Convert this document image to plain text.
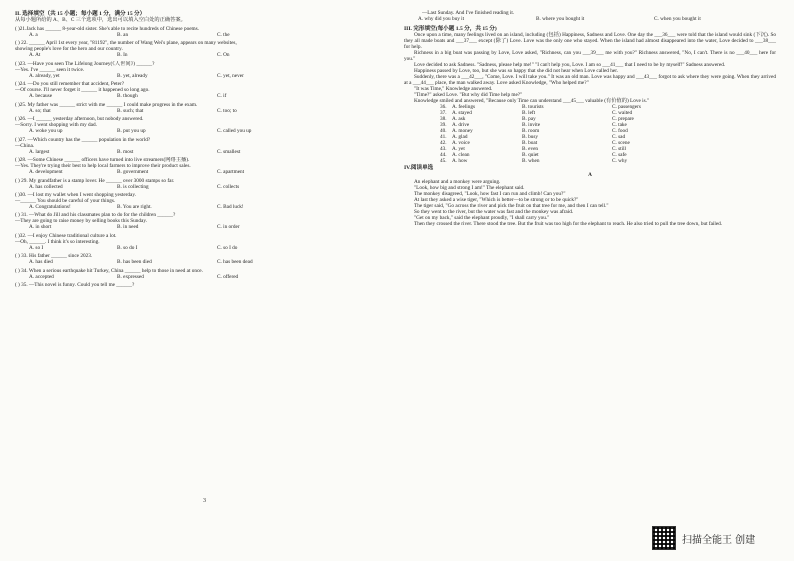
II. 选择填空（共 15 小题；每小题 1 分，满分 15 分）
从每小题所给的 A、B、C 三个选项中，选出可以填入空白处的正确答案。
( )21.Jack has ______ 8-year-old sister. She's able to recite hundreds of Chinese poems.
A. a	B. an	C. the
( ) 22. ______ April 1st every year, "81192", the number of Wang Wei's plane, appears on many websites,
showing people's love for the hero and our country.
A. At	B. In	C. On
( )23. —Have you seen The Lifelong Journey(《人世间》) ______?
—Yes. I've ______ seen it twice.
A. already, yet	B. yet, already	C. yet, never
( )24. —Do you still remember that accident, Peter?
—Of course. I'll never forget it ______ it happened so long ago.
A. because	B. though	C. if
( )25. My father was ______ strict with me ______ I could make progress in the exam.
A. so; that	B. such; that	C. too; to
( )26. —I ______ yesterday afternoon, but nobody answered.
—Sorry. I went shopping with my dad.
A. woke you up	B. put you up	C. called you up
( )27. —Which country has the ______ population in the world?
—China.
A. largest	B. most	C. smallest
( )28. —Some Chinese ______ officers have turned into live streamers(网络主播).
—Yes. They're trying their best to help local farmers to improve their product sales.
A. development	B. government	C. apartment
( ) 29. My grandfather is a stamp lover. He ______ over 3000 stamps so far.
A. has collected	B. is collecting	C. collects
( )30. —I lost my wallet when I went shopping yesterday.
—______ You should be careful of your things.
A. Congratulations!	B. You are right.	C. Bad luck!
( ) 31. —What do Jill and his classmates plan to do for the children ______?
—They are going to raise money by selling books this Sunday.
A. in short	B. in need	C. in order
( )32. —I enjoy Chinese traditional culture a lot.
—Oh, ______. I think it's so interesting.
A. so I	B. so do I	C. so I do
( ) 33. His father ______ since 2023.
A. has died	B. has been died	C. has been dead
( ) 34. When a serious earthquake hit Turkey, China ______ help to those in need at once.
A. accepted	B. expressed	C. offered
( ) 35. —This novel is funny. Could you tell me ______?
3
—Last Sunday. And I've finished reading it.
A. why did you buy it	B. where you bought it	C. when you bought it
III. 完形填空(每小题 1.5 分，共 15 分)

Once upon a time, many feelings lived on an island, including (包括) Happiness, Sadness and Love. One day the ___36___ were told that the island would sink (下沉). So they all made boats and ___37___ except (除了) Love. Love was the only one who stayed. When the island had almost disappeared into the water, Love decided to ___38___ for help.

Richness in a big boat was passing by Love, Love asked, "Richness, can you ___39___ me with you?" Richness answered, "No, I can't. There is no ___40___ here for you."

Love decided to ask Sadness. "Sadness, please help me!" "I can't help you, Love. I am so ___41___ that I need to be by myself!" Sadness answered.

Happiness passed by Love, too, but she was so happy that she did not hear when Love called her.

Suddenly, there was a ___42___, "Come, Love. I will take you." It was an old man. Love was happy and ___43___ forgot to ask where they were going. When they arrived at a ___44___ place, the man walked away. Love asked Knowledge, "Who helped me?"

"It was Time," Knowledge answered.

"Time?" asked Love. "But why did Time help me?"

Knowledge smiled and answered, "Because only Time can understand ___45___ valuable (有价值的) Love is."

36.	A. feelings	B. tourists	C. passengers
37.	A. stayed	B. left	C. waited
38.	A. ask	B. pay	C. prepare
39.	A. drive	B. invite	C. take
40.	A. money	B. room	C. food
41.	A. glad	B. busy	C. sad
42.	A. voice	B. boat	C. scene
43.	A. yet	B. even	C. still
44.	A. clean	B. quiet	C. safe
45.	A. how	B. when	C. why
IV.阅读单选
A

An elephant and a monkey were arguing.

"Look, how big and strong I am!" The elephant said.

The monkey disagreed, "Look, how fast I can run and climb! Can you?"

At last they asked a wise tiger, "Which is better—to be strong or to be quick?"

The tiger said, "Go across the river and pick the fruit on that tree for me, and then I can tell."

So they went to the river, but the water was fast and the monkey was afraid.

"Get on my back," said the elephant proudly, "I shall carry you."

Then they crossed the river. There stood the tree. But the fruit was too high for the elephant to reach. He also tried to pull the tree down, but failed.

扫描全能王 创建
